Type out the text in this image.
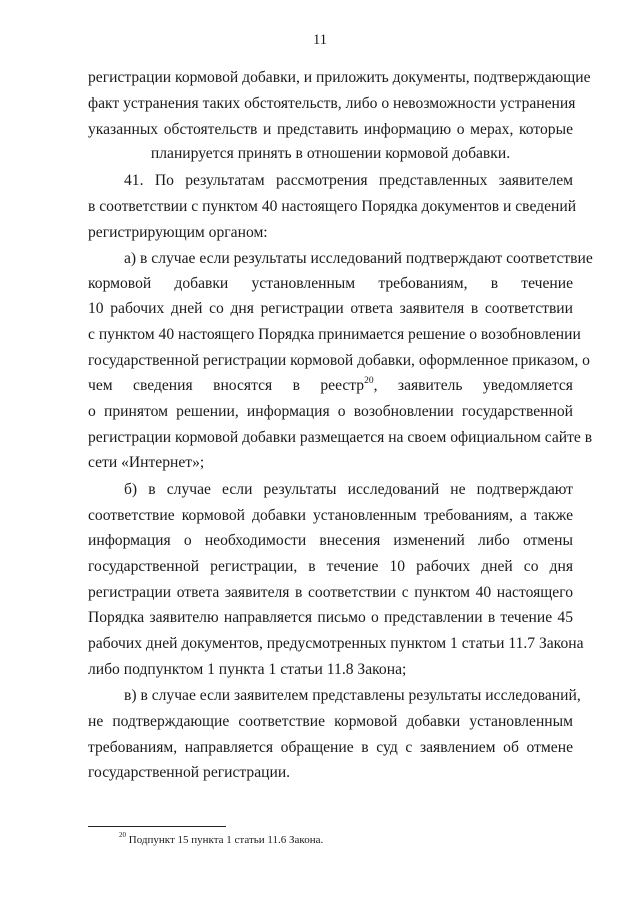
11
регистрации кормовой добавки, и приложить документы, подтверждающие
факт устранения таких обстоятельств, либо о невозможности устранения
указанных обстоятельств и представить информацию о мерах, которые
планируется принять в отношении кормовой добавки.
41. По результатам рассмотрения представленных заявителем
в соответствии с пунктом 40 настоящего Порядка документов и сведений
регистрирующим органом:
а) в случае если результаты исследований подтверждают соответствие
кормовой добавки установленным требованиям, в течение
10 рабочих дней со дня регистрации ответа заявителя в соответствии
с пунктом 40 настоящего Порядка принимается решение о возобновлении
государственной регистрации кормовой добавки, оформленное приказом, о
чем сведения вносятся в реестр$^{20}$, заявитель уведомляется
о принятом решении, информация о возобновлении государственной
регистрации кормовой добавки размещается на своем официальном сайте в
сети «Интернет»;
б) в случае если результаты исследований не подтверждают
соответствие кормовой добавки установленным требованиям, а также
информация о необходимости внесения изменений либо отмены
государственной регистрации, в течение 10 рабочих дней со дня
регистрации ответа заявителя в соответствии с пунктом 40 настоящего
Порядка заявителю направляется письмо о представлении в течение 45
рабочих дней документов, предусмотренных пунктом 1 статьи 11.7 Закона
либо подпунктом 1 пункта 1 статьи 11.8 Закона;
в) в случае если заявителем представлены результаты исследований,
не подтверждающие соответствие кормовой добавки установленным
требованиям, направляется обращение в суд с заявлением об отмене
государственной регистрации.
$^{20}$ Подпункт 15 пункта 1 статьи 11.6 Закона.
